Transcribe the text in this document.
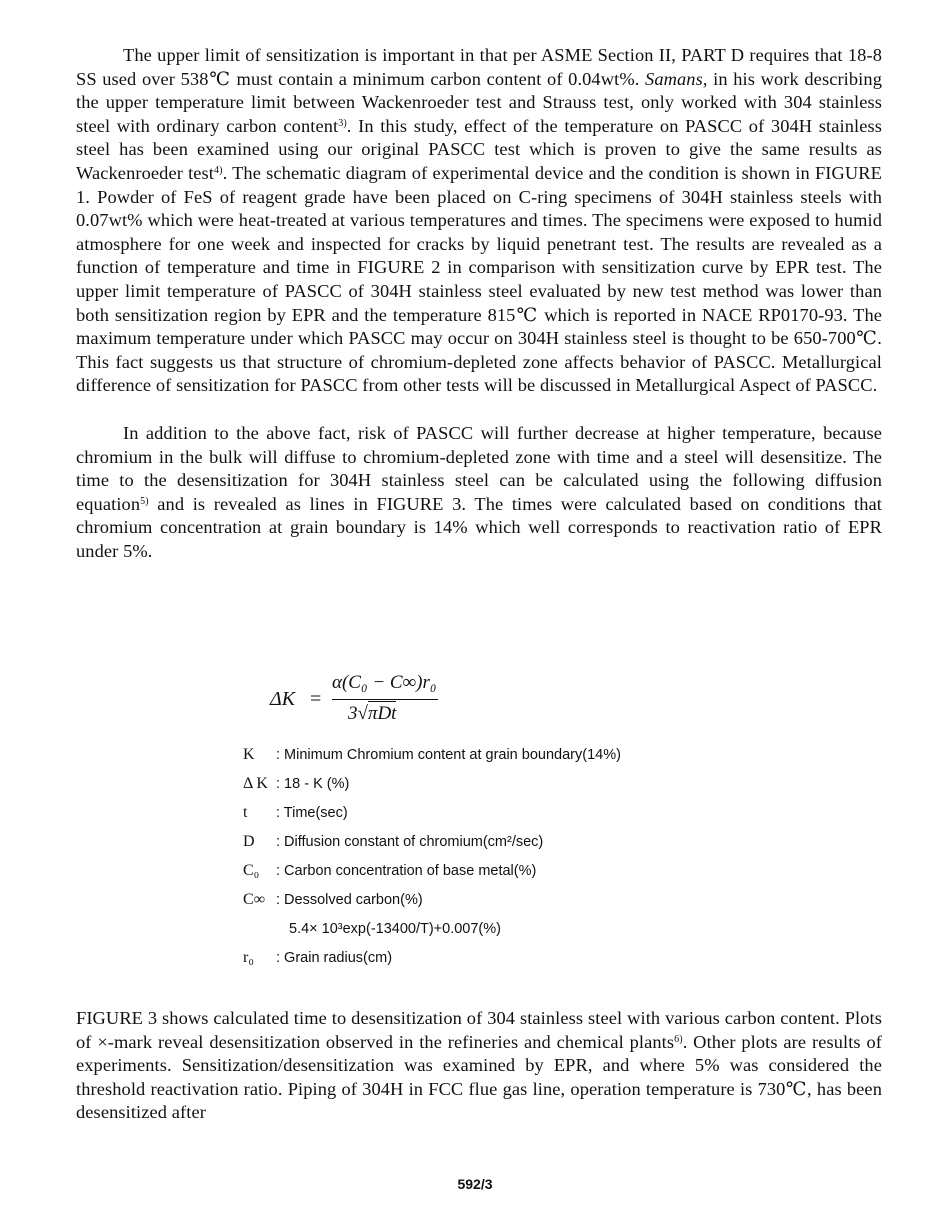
The upper limit of sensitization is important in that per ASME Section II, PART D requires that 18-8 SS used over 538℃ must contain a minimum carbon content of 0.04wt%. Samans, in his work describing the upper temperature limit between Wackenroeder test and Strauss test, only worked with 304 stainless steel with ordinary carbon content$^{3)}$. In this study, effect of the temperature on PASCC of 304H stainless steel has been examined using our original PASCC test which is proven to give the same results as Wackenroeder test$^{4)}$. The schematic diagram of experimental device and the condition is shown in FIGURE 1. Powder of FeS of reagent grade have been placed on C-ring specimens of 304H stainless steels with 0.07wt% which were heat-treated at various temperatures and times. The specimens were exposed to humid atmosphere for one week and inspected for cracks by liquid penetrant test. The results are revealed as a function of temperature and time in FIGURE 2 in comparison with sensitization curve by EPR test. The upper limit temperature of PASCC of 304H stainless steel evaluated by new test method was lower than both sensitization region by EPR and the temperature 815℃ which is reported in NACE RP0170-93. The maximum temperature under which PASCC may occur on 304H stainless steel is thought to be 650-700℃. This fact suggests us that structure of chromium-depleted zone affects behavior of PASCC. Metallurgical difference of sensitization for PASCC from other tests will be discussed in Metallurgical Aspect of PASCC.

In addition to the above fact, risk of PASCC will further decrease at higher temperature, because chromium in the bulk will diffuse to chromium-depleted zone with time and a steel will desensitize. The time to the desensitization for 304H stainless steel can be calculated using the following diffusion equation$^{5)}$ and is revealed as lines in FIGURE 3. The times were calculated based on conditions that chromium concentration at grain boundary is 14% which well corresponds to reactivation ratio of EPR under 5%.

ΔK =
α(C₀ − C∞)r₀
3√πDt
K : Minimum Chromium content at grain boundary(14%)
Δ K : 18 - K (%)
t : Time(sec)
D : Diffusion constant of chromium(cm²/sec)
C₀ : Carbon concentration of base metal(%)
C∞ : Dessolved carbon(%)
5.4× 10³exp(-13400/T)+0.007(%)
r₀ : Grain radius(cm)

FIGURE 3 shows calculated time to desensitization of 304 stainless steel with various carbon content. Plots of ×-mark reveal desensitization observed in the refineries and chemical plants$^{6)}$. Other plots are results of experiments. Sensitization/desensitization was examined by EPR, and where 5% was considered the threshold reactivation ratio. Piping of 304H in FCC flue gas line, operation temperature is 730℃, has been desensitized after

592/3
